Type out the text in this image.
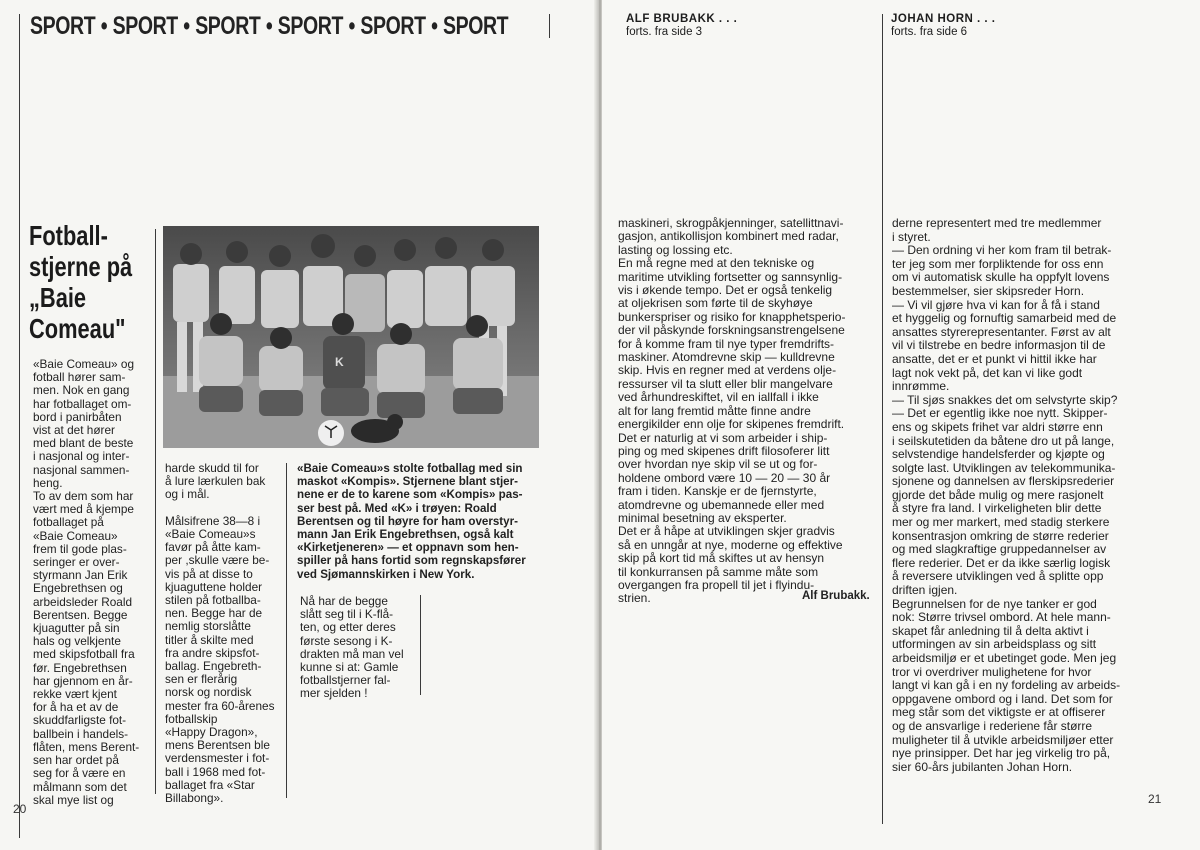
SPORT • SPORT • SPORT • SPORT • SPORT • SPORT
Fotball-
stjerne på
„Baie
Comeau"
K
«Baie Comeau» og
fotball hører sam-
men. Nok en gang
har fotballaget om-
bord i panirbåten
vist at det hører
med blant de beste
i nasjonal og inter-
nasjonal sammen-
heng.
To av dem som har
vært med å kjempe
fotballaget på
«Baie Comeau»
frem til gode plas-
seringer er over-
styrmann Jan Erik
Engebrethsen og
arbeidsleder Roald
Berentsen. Begge
kjuagutter på sin
hals og velkjente
med skipsfotball fra
før. Engebrethsen
har gjennom en år-
rekke vært kjent
for å ha et av de
skuddfarligste fot-
ballbein i handels-
flåten, mens Berent-
sen har ordet på
seg for å være en
målmann som det
skal mye list og
harde skudd til for
å lure lærkulen bak
og i mål.

Målsifrene 38—8 i
«Baie Comeau»s
favør på åtte kam-
per ,skulle være be-
vis på at disse to
kjuaguttene holder
stilen på fotballba-
nen. Begge har de
nemlig storslåtte
titler å skilte med
fra andre skipsfot-
ballag. Engebreth-
sen er flerårig
norsk og nordisk
mester fra 60-årenes
fotballskip
«Happy Dragon»,
mens Berentsen ble
verdensmester i fot-
ball i 1968 med fot-
ballaget fra «Star
Billabong».
«Baie Comeau»s stolte fotballag med sin
maskot «Kompis». Stjernene blant stjer-
nene er de to karene som «Kompis» pas-
ser best på. Med «K» i trøyen: Roald
Berentsen og til høyre for ham overstyr-
mann Jan Erik Engebrethsen, også kalt
«Kirketjeneren» — et oppnavn som hen-
spiller på hans fortid som regnskapsfører
ved Sjømannskirken i New York.
Nå har de begge
slått seg til i K-flå-
ten, og etter deres
første sesong i K-
drakten må man vel
kunne si at: Gamle
fotballstjerner fal-
mer sjelden !
20
ALF BRUBAKK . . .
forts. fra side 3
JOHAN HORN . . .
forts. fra side 6
maskineri, skrogpåkjenninger, satellittnavi-
gasjon, antikollisjon kombinert med radar,
lasting og lossing etc.
En må regne med at den tekniske og
maritime utvikling fortsetter og sannsynlig-
vis i økende tempo. Det er også tenkelig
at oljekrisen som førte til de skyhøye
bunkerspriser og risiko for knapphetsperio-
der vil påskynde forskningsanstrengelsene
for å komme fram til nye typer fremdrifts-
maskiner. Atomdrevne skip — kulldrevne
skip. Hvis en regner med at verdens olje-
ressurser vil ta slutt eller blir mangelvare
ved århundreskiftet, vil en iallfall i ikke
alt for lang fremtid måtte finne andre
energikilder enn olje for skipenes fremdrift.
Det er naturlig at vi som arbeider i ship-
ping og med skipenes drift filosoferer litt
over hvordan nye skip vil se ut og for-
holdene ombord være 10 — 20 — 30 år
fram i tiden. Kanskje er de fjernstyrte,
atomdrevne og ubemannede eller med
minimal besetning av eksperter.
Det er å håpe at utviklingen skjer gradvis
så en unngår at nye, moderne og effektive
skip på kort tid må skiftes ut av hensyn
til konkurransen på samme måte som
overgangen fra propell til jet i flyindu-
strien.	Alf Brubakk.
derne representert med tre medlemmer
i styret.
— Den ordning vi her kom fram til betrak-
ter jeg som mer forpliktende for oss enn
om vi automatisk skulle ha oppfylt lovens
bestemmelser, sier skipsreder Horn.
— Vi vil gjøre hva vi kan for å få i stand
et hyggelig og fornuftig samarbeid med de
ansattes styrerepresentanter. Først av alt
vil vi tilstrebe en bedre informasjon til de
ansatte, det er et punkt vi hittil ikke har
lagt nok vekt på, det kan vi like godt
innrømme.
— Til sjøs snakkes det om selvstyrte skip?
— Det er egentlig ikke noe nytt. Skipper-
ens og skipets frihet var aldri større enn
i seilskutetiden da båtene dro ut på lange,
selvstendige handelsferder og kjøpte og
solgte last. Utviklingen av telekommunika-
sjonene og dannelsen av flerskipsrederier
gjorde det både mulig og mere rasjonelt
å styre fra land. I virkeligheten blir dette
mer og mer markert, med stadig sterkere
konsentrasjon omkring de større rederier
og med slagkraftige gruppedannelser av
flere rederier. Det er da ikke særlig logisk
å reversere utviklingen ved å splitte opp
driften igjen.
Begrunnelsen for de nye tanker er god
nok: Større trivsel ombord. At hele mann-
skapet får anledning til å delta aktivt i
utformingen av sin arbeidsplass og sitt
arbeidsmiljø er et ubetinget gode. Men jeg
tror vi overdriver mulighetene for hvor
langt vi kan gå i en ny fordeling av arbeids-
oppgavene ombord og i land. Det som for
meg står som det viktigste er at offiserer
og de ansvarlige i rederiene får større
muligheter til å utvikle arbeidsmiljøer etter
nye prinsipper. Det har jeg virkelig tro på,
sier 60-års jubilanten Johan Horn.
21
